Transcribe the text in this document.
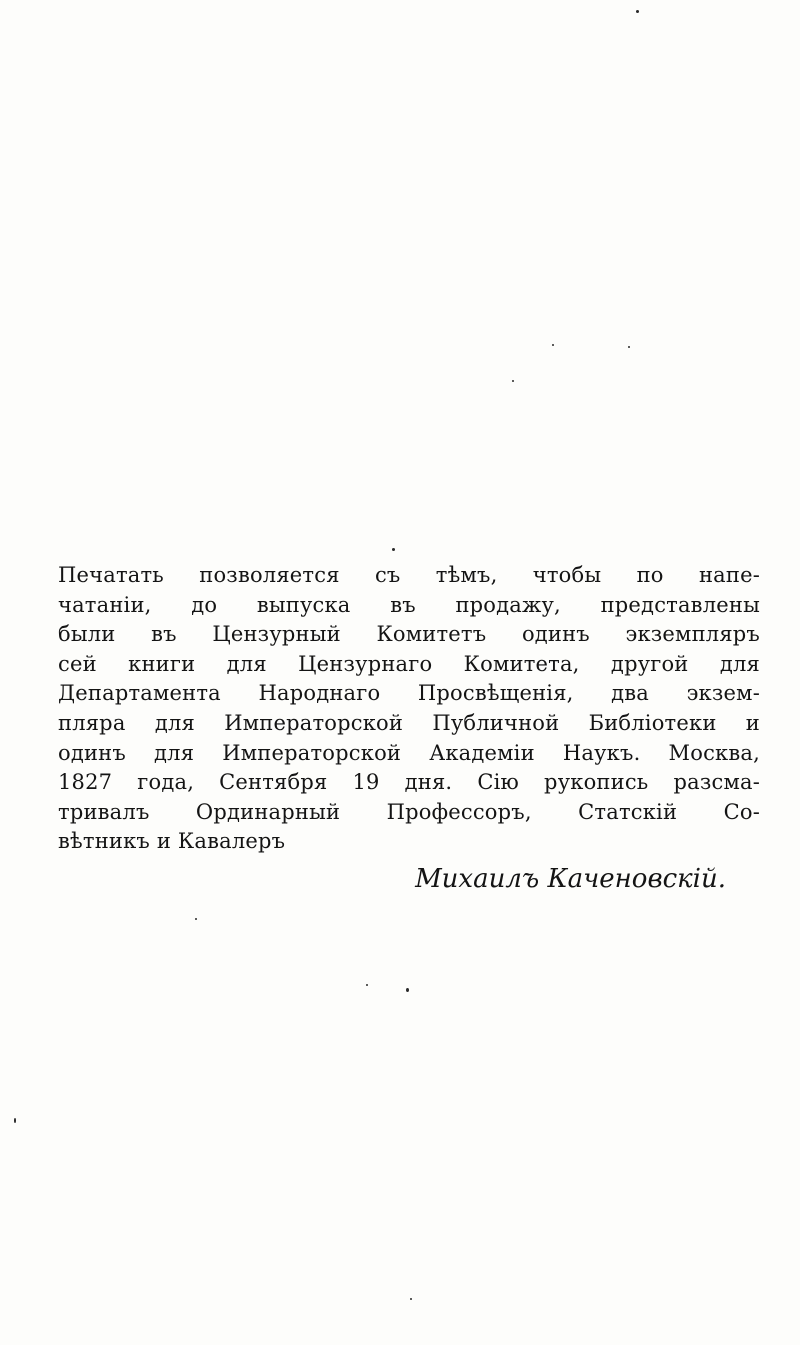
Печатать позволяется съ тѣмъ, чтобы по напе-
чатаніи, до выпуска въ продажу, представлены
были въ Цензурный Комитетъ одинъ экземпляръ
сей книги для Цензурнаго Комитета, другой для
Департамента Народнаго Просвѣщенія, два экзем-
пляра для Императорской Публичной Библіотеки и
одинъ для Императорской Академіи Наукъ. Москва,
1827 года, Сентября 19 дня. Сію рукопись разсма-
тривалъ Ординарный Профессоръ, Статскій Со-
вѣтникъ и Кавалеръ
Михаилъ Каченовскій.
